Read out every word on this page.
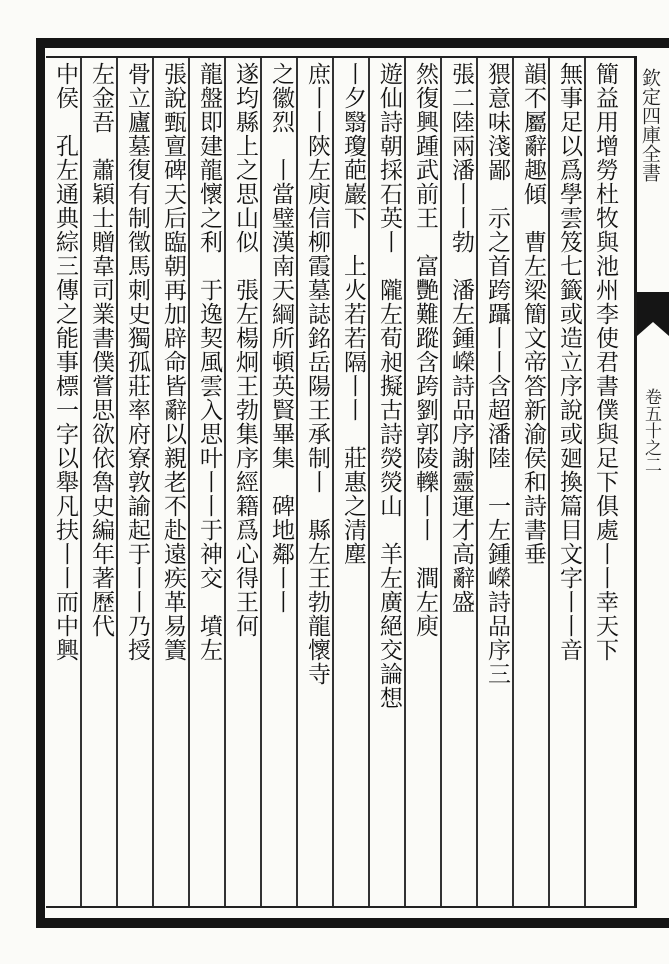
簡益用增勞杜牧與池州李使君書僕與足下俱處丨丨幸天下
無事足以爲學雲笈七籤或造立序說或廻換篇目文字丨丨音
韻不屬辭趣傾　曹左梁簡文帝答新渝侯和詩書垂
猥意味淺鄙　示之首跨躡丨丨含超潘陸　一左鍾嶸詩品序三
張二陸兩潘丨丨勃　潘左鍾嶸詩品序謝靈運才高辭盛
然復興踵武前王　富艷難蹤含跨劉郭陵轢丨丨　澗左庾
遊仙詩朝採石英丨　隴左荀昶擬古詩熒熒山　羊左廣絕交論想
丨夕翳瓊葩巖下　上火若若隔丨丨　莊惠之清塵
庶丨丨陝左庾信柳霞墓誌銘岳陽王承制丨　縣左王勃龍懷寺
之徽烈　丨當璧漢南天綱所頓英賢畢集　碑地鄰丨丨
遂均縣上之思山似　張左楊炯王勃集序經籍爲心得王何
龍盤即建龍懷之利　于逸契風雲入思叶丨丨于神交　墳左
張說甄亶碑天后臨朝再加辟命皆辭以親老不赴遠疾革易簀
骨立廬墓復有制徵馬刺史獨孤莊率府寮敦諭起于丨丨乃授
左金吾　蕭穎士贈韋司業書僕嘗思欲依魯史編年著歷代
中侯　孔左通典綜三傳之能事標一字以舉凡扶丨丨而中興	欽定四庫全書
卷五十之二
